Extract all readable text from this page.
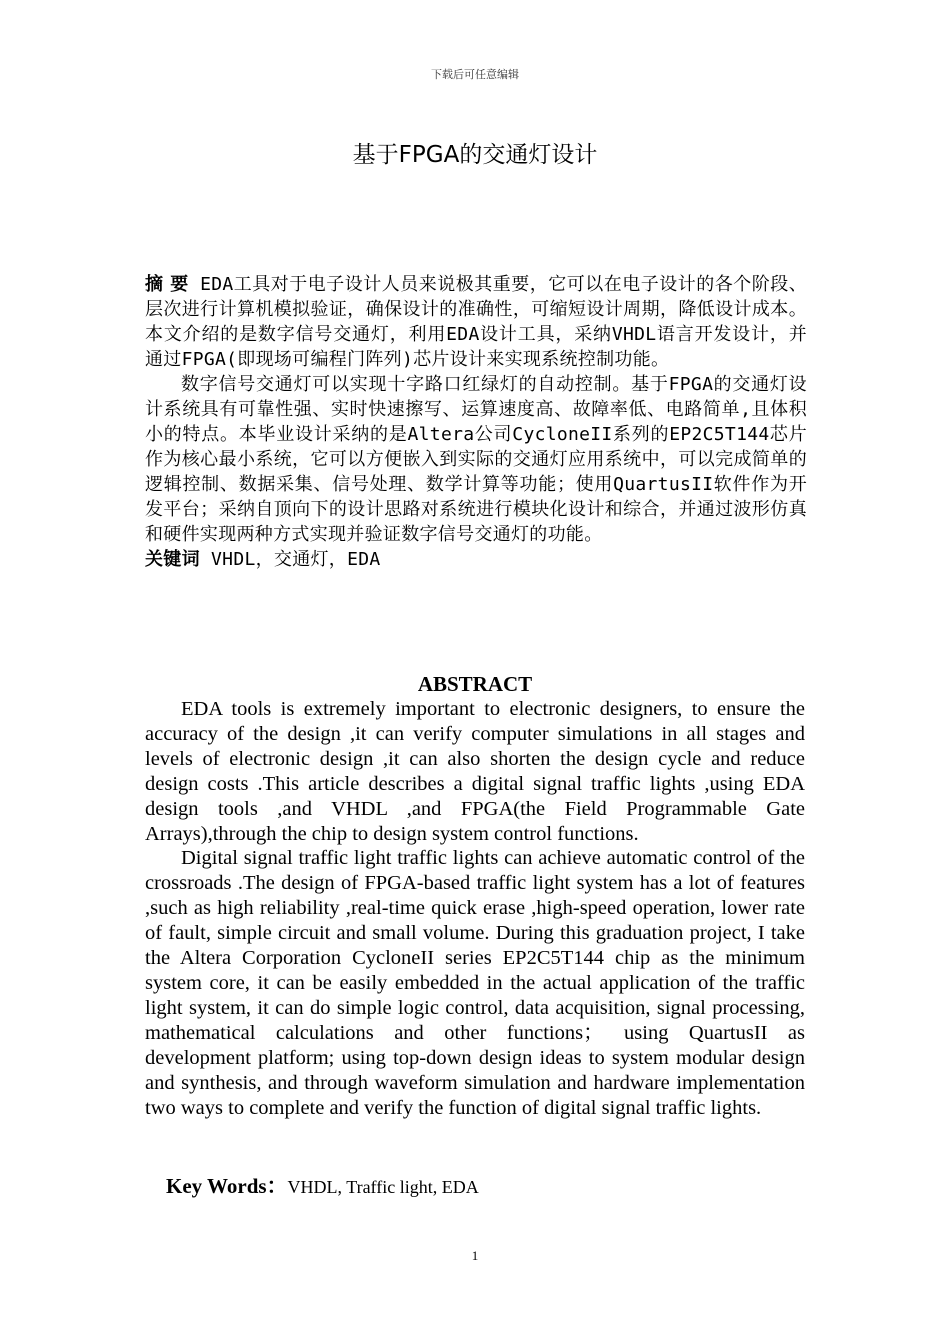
下载后可任意编辑
基于FPGA的交通灯设计

摘 要 EDA工具对于电子设计人员来说极其重要，它可以在电子设计的各个阶段、层次进行计算机模拟验证，确保设计的准确性，可缩短设计周期，降低设计成本。本文介绍的是数字信号交通灯，利用EDA设计工具，采纳VHDL语言开发设计，并通过FPGA(即现场可编程门阵列)芯片设计来实现系统控制功能。

数字信号交通灯可以实现十字路口红绿灯的自动控制。基于FPGA的交通灯设计系统具有可靠性强、实时快速擦写、运算速度高、故障率低、电路简单,且体积小的特点。本毕业设计采纳的是Altera公司CycloneII系列的EP2C5T144芯片作为核心最小系统，它可以方便嵌入到实际的交通灯应用系统中，可以完成简单的逻辑控制、数据采集、信号处理、数学计算等功能；使用QuartusII软件作为开发平台；采纳自顶向下的设计思路对系统进行模块化设计和综合，并通过波形仿真和硬件实现两种方式实现并验证数字信号交通灯的功能。

关键词 VHDL，交通灯，EDA

ABSTRACT

EDA tools is extremely important to electronic designers, to ensure the accuracy of the design ,it can verify computer simulations in all stages and levels of electronic design ,it can also shorten the design cycle and reduce design costs .This article describes a digital signal traffic lights ,using EDA design tools ,and VHDL ,and FPGA(the Field Programmable Gate Arrays),through the chip to design system control functions.

Digital signal traffic light traffic lights can achieve automatic control of the crossroads .The design of FPGA-based traffic light system has a lot of features ,such as high reliability ,real-time quick erase ,high-speed operation, lower rate of fault, simple circuit and small volume. During this graduation project, I take the Altera Corporation CycloneII series EP2C5T144 chip as the minimum system core, it can be easily embedded in the actual application of the traffic light system, it can do simple logic control, data acquisition, signal processing, mathematical calculations and other functions； using QuartusII as development platform; using top-down design ideas to system modular design and synthesis, and through waveform simulation and hardware implementation two ways to complete and verify the function of digital signal traffic lights.

Key Words：VHDL, Traffic light, EDA
1
